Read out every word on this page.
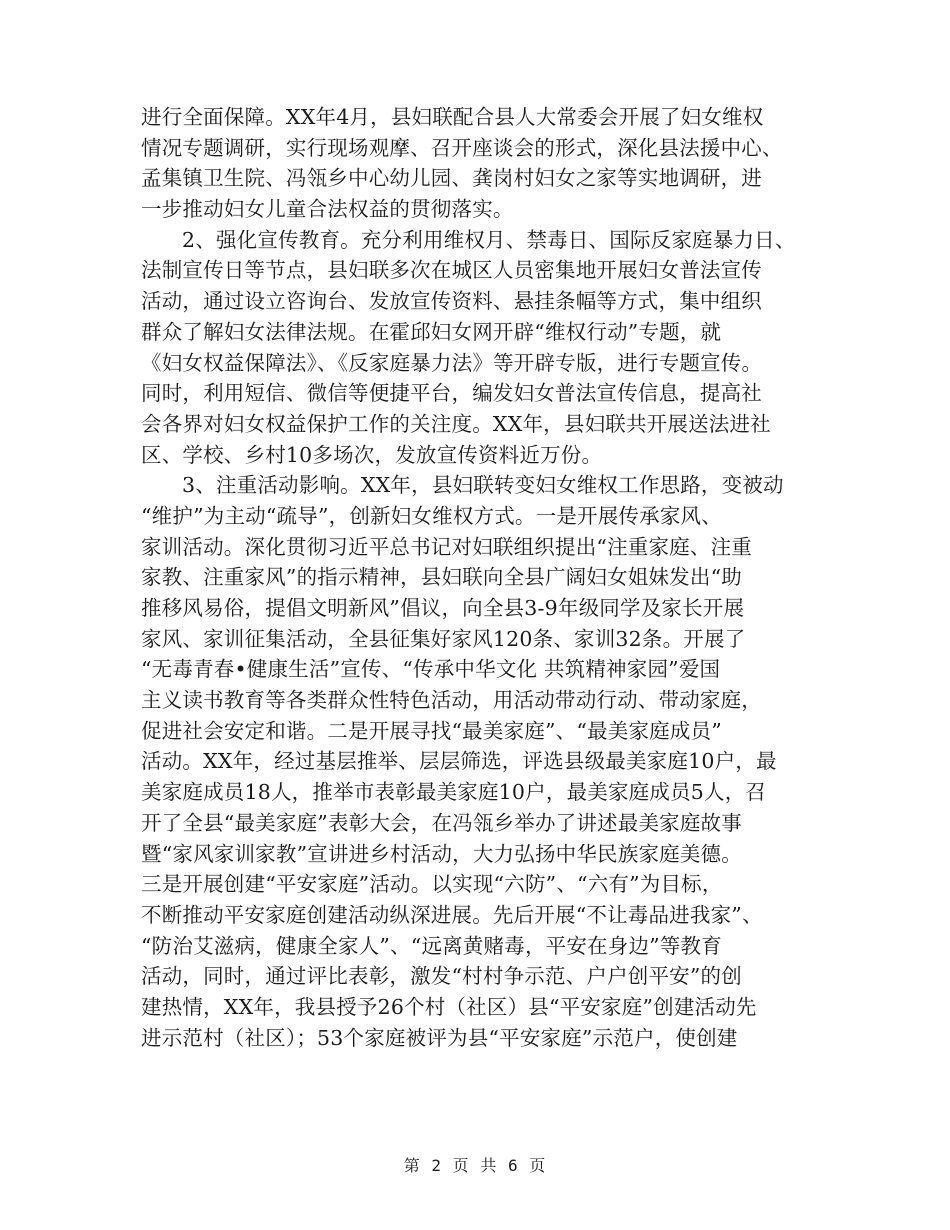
进行全面保障。XX年4月，县妇联配合县人大常委会开展了妇女维权
情况专题调研，实行现场观摩、召开座谈会的形式，深化县法援中心、
孟集镇卫生院、冯瓴乡中心幼儿园、龚岗村妇女之家等实地调研，进
一步推动妇女儿童合法权益的贯彻落实。
2、强化宣传教育。充分利用维权月、禁毒日、国际反家庭暴力日、
法制宣传日等节点，县妇联多次在城区人员密集地开展妇女普法宣传
活动，通过设立咨询台、发放宣传资料、悬挂条幅等方式，集中组织
群众了解妇女法律法规。在霍邱妇女网开辟“维权行动”专题，就
《妇女权益保障法》、《反家庭暴力法》等开辟专版，进行专题宣传。
同时，利用短信、微信等便捷平台，编发妇女普法宣传信息，提高社
会各界对妇女权益保护工作的关注度。XX年，县妇联共开展送法进社
区、学校、乡村10多场次，发放宣传资料近万份。
3、注重活动影响。XX年，县妇联转变妇女维权工作思路，变被动
“维护”为主动“疏导”，创新妇女维权方式。一是开展传承家风、
家训活动。深化贯彻习近平总书记对妇联组织提出“注重家庭、注重
家教、注重家风”的指示精神，县妇联向全县广阔妇女姐妹发出“助
推移风易俗，提倡文明新风”倡议，向全县3-9年级同学及家长开展
家风、家训征集活动，全县征集好家风120条、家训32条。开展了
“无毒青春•健康生活”宣传、“传承中华文化 共筑精神家园”爱国
主义读书教育等各类群众性特色活动，用活动带动行动、带动家庭，
促进社会安定和谐。二是开展寻找“最美家庭”、“最美家庭成员”
活动。XX年，经过基层推举、层层筛选，评选县级最美家庭10户，最
美家庭成员18人，推举市表彰最美家庭10户，最美家庭成员5人，召
开了全县“最美家庭”表彰大会，在冯瓴乡举办了讲述最美家庭故事
暨“家风家训家教”宣讲进乡村活动，大力弘扬中华民族家庭美德。
三是开展创建“平安家庭”活动。以实现“六防”、“六有”为目标，
不断推动平安家庭创建活动纵深进展。先后开展“不让毒品进我家”、
“防治艾滋病，健康全家人”、“远离黄赌毒，平安在身边”等教育
活动，同时，通过评比表彰，激发“村村争示范、户户创平安”的创
建热情，XX年，我县授予26个村（社区）县“平安家庭”创建活动先
进示范村（社区）；53个家庭被评为县“平安家庭”示范户，使创建
第 2 页 共 6 页
